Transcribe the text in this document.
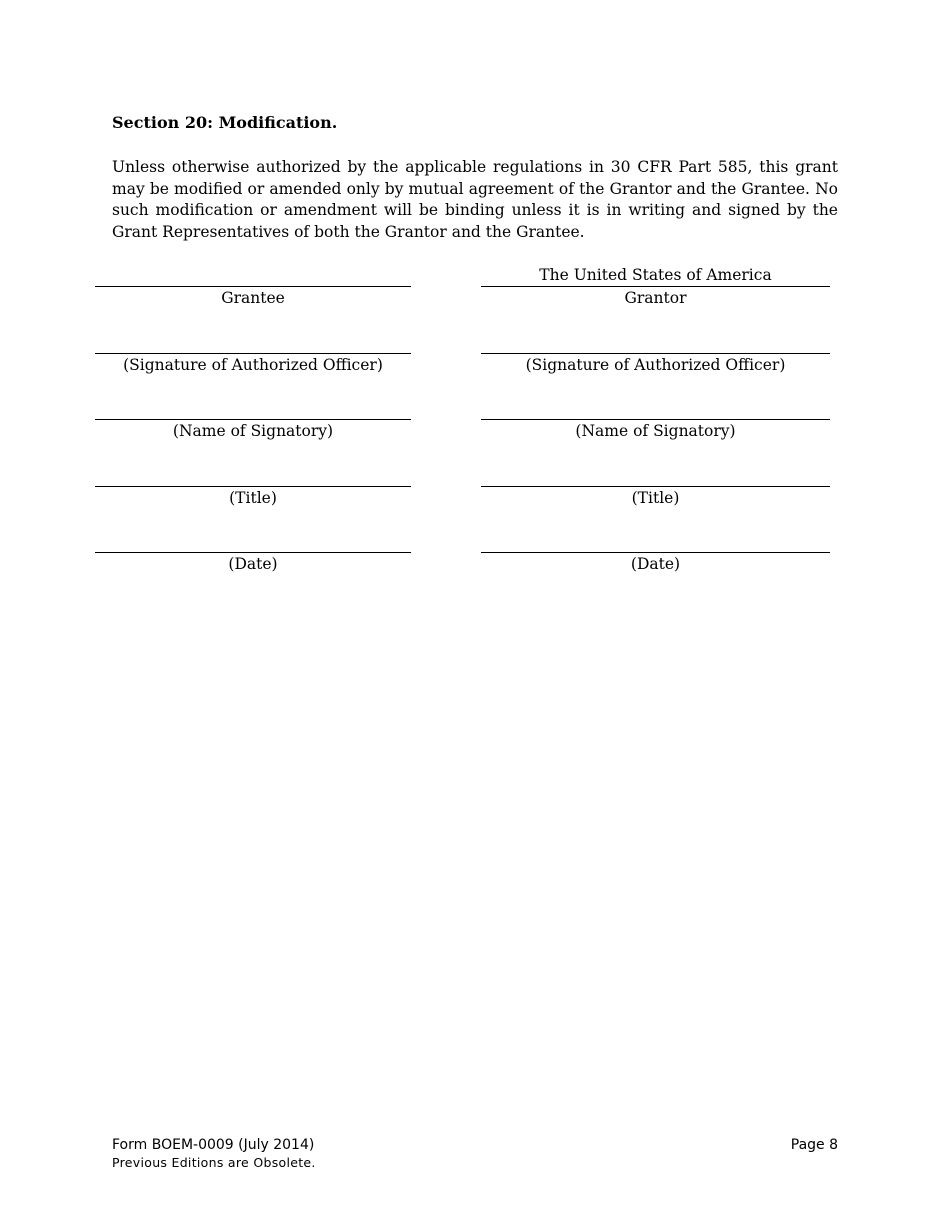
Section 20: Modification.

Unless otherwise authorized by the applicable regulations in 30 CFR Part 585, this grant may be modified or amended only by mutual agreement of the Grantor and the Grantee. No such modification or amendment will be binding unless it is in writing and signed by the Grant Representatives of both the Grantor and the Grantee.

Grantee
(Signature of Authorized Officer)
(Name of Signatory)
(Title)
(Date)
The United States of America
Grantor
(Signature of Authorized Officer)
(Name of Signatory)
(Title)
(Date)
Form BOEM-0009 (July 2014)
Previous Editions are Obsolete.
Page 8
